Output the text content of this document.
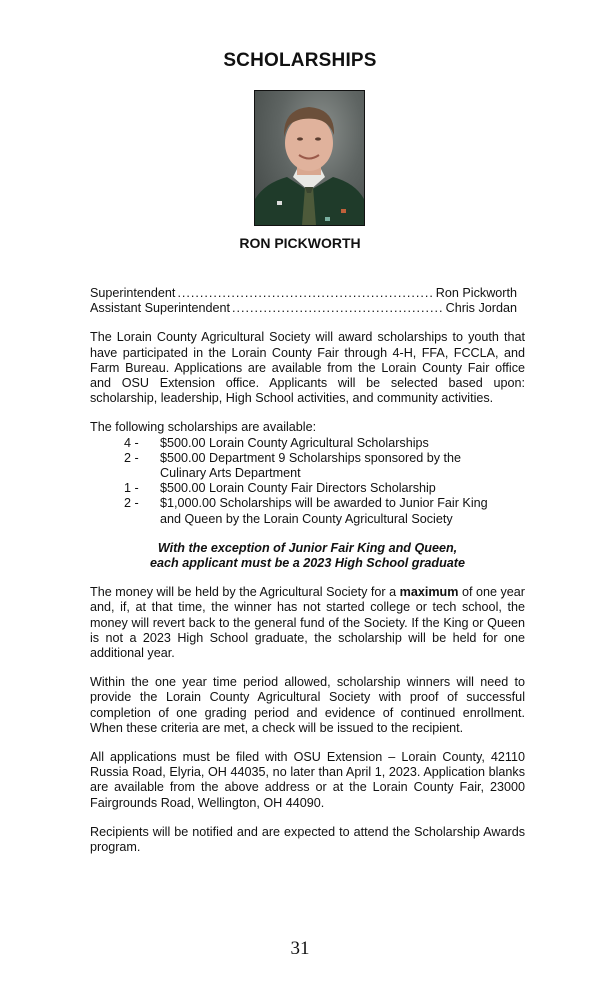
SCHOLARSHIPS
RON PICKWORTH
Superintendent .....	Ron Pickworth
Assistant Superintendent .....	Chris Jordan

The Lorain County Agricultural Society will award scholarships to youth that have participated in the Lorain County Fair through 4-H, FFA, FCCLA, and Farm Bureau. Applications are available from the Lorain County Fair office and OSU Extension office. Applicants will be selected based upon: scholarship, leadership, High School activities, and community activities.

The following scholarships are available:
4 -	$500.00 Lorain County Agricultural Scholarships
2 -	$500.00 Department 9 Scholarships sponsored by the Culinary Arts Department
1 -	$500.00 Lorain County Fair Directors Scholarship
2 -	$1,000.00 Scholarships will be awarded to Junior Fair King and Queen by the Lorain County Agricultural Society
With the exception of Junior Fair King and Queen,
each applicant must be a 2023 High School graduate

The money will be held by the Agricultural Society for a maximum of one year and, if, at that time, the winner has not started college or tech school, the money will revert back to the general fund of the Society. If the King or Queen is not a 2023 High School graduate, the scholarship will be held for one additional year.

Within the one year time period allowed, scholarship winners will need to provide the Lorain County Agricultural Society with proof of successful completion of one grading period and evidence of continued enrollment. When these criteria are met, a check will be issued to the recipient.

All applications must be filed with OSU Extension – Lorain County, 42110 Russia Road, Elyria, OH 44035, no later than April 1, 2023. Application blanks are available from the above address or at the Lorain County Fair, 23000 Fairgrounds Road, Wellington, OH 44090.

Recipients will be notified and are expected to attend the Scholarship Awards program.

31
